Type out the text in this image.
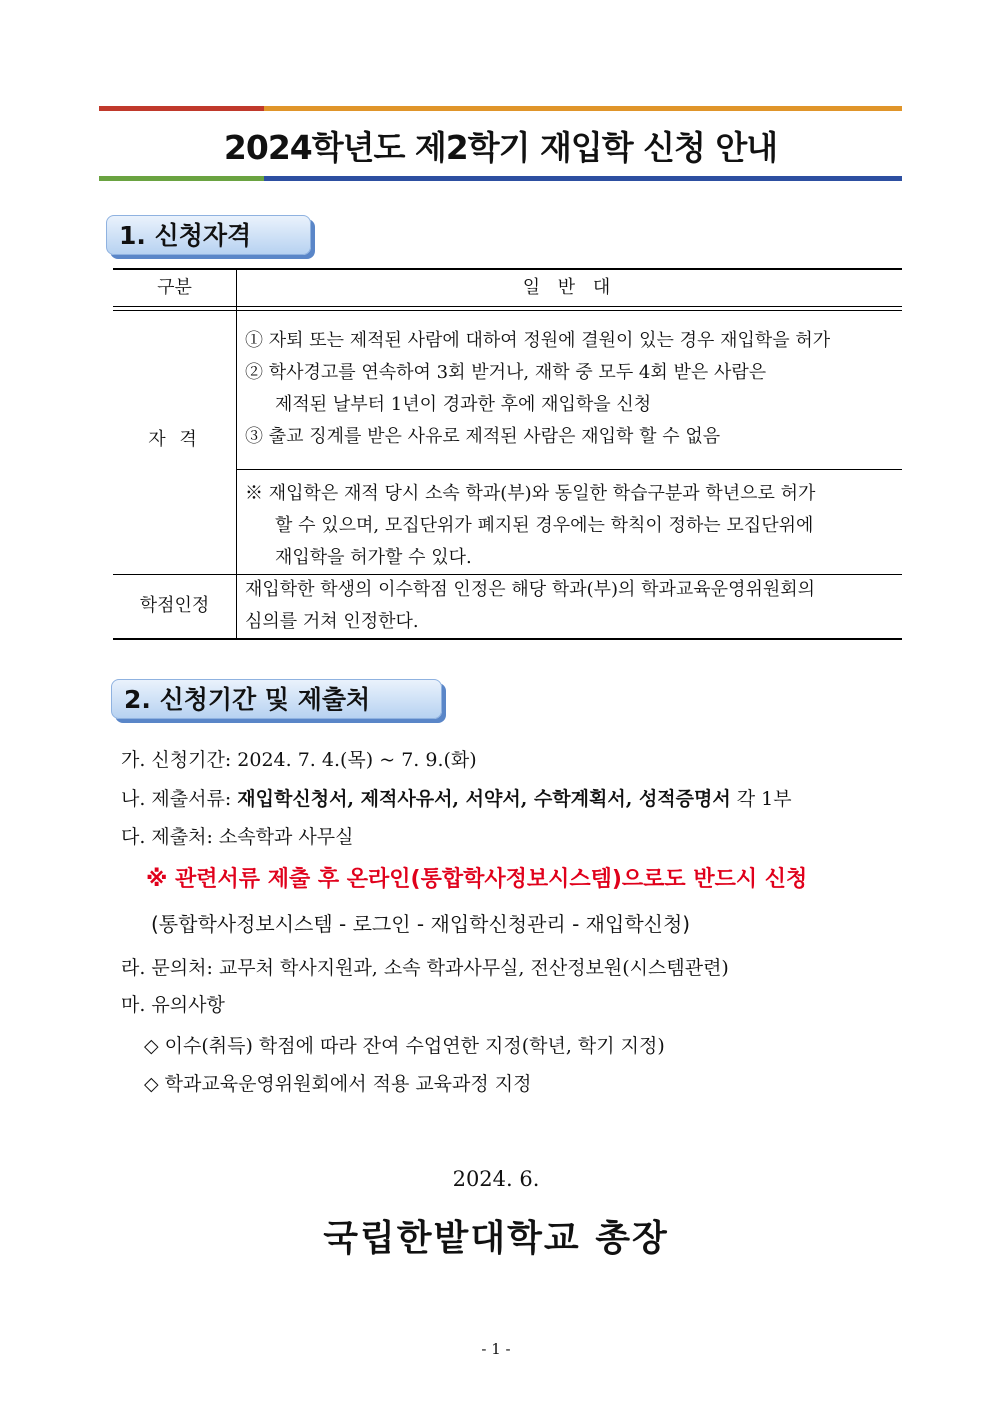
2024학년도 제2학기 재입학 신청 안내
1. 신청자격
구분	일 반 대
자 격
① 자퇴 또는 제적된 사람에 대하여 정원에 결원이 있는 경우 재입학을 허가
② 학사경고를 연속하여 3회 받거나, 재학 중 모두 4회 받은 사람은
제적된 날부터 1년이 경과한 후에 재입학을 신청
③ 출교 징계를 받은 사유로 제적된 사람은 재입학 할 수 없음
※ 재입학은 재적 당시 소속 학과(부)와 동일한 학습구분과 학년으로 허가
할 수 있으며, 모집단위가 폐지된 경우에는 학칙이 정하는 모집단위에
재입학을 허가할 수 있다.
학점인정
재입학한 학생의 이수학점 인정은 해당 학과(부)의 학과교육운영위원회의
심의를 거쳐 인정한다.
2. 신청기간 및 제출처
가. 신청기간: 2024. 7. 4.(목) ~ 7. 9.(화)
나. 제출서류: 재입학신청서, 제적사유서, 서약서, 수학계획서, 성적증명서 각 1부
다. 제출처: 소속학과 사무실
※ 관련서류 제출 후 온라인(통합학사정보시스템)으로도 반드시 신청
(통합학사정보시스템 - 로그인 - 재입학신청관리 - 재입학신청)
라. 문의처: 교무처 학사지원과, 소속 학과사무실, 전산정보원(시스템관련)
마. 유의사항
◇ 이수(취득) 학점에 따라 잔여 수업연한 지정(학년, 학기 지정)
◇ 학과교육운영위원회에서 적용 교육과정 지정
2024. 6.
국립한밭대학교 총장
- 1 -
